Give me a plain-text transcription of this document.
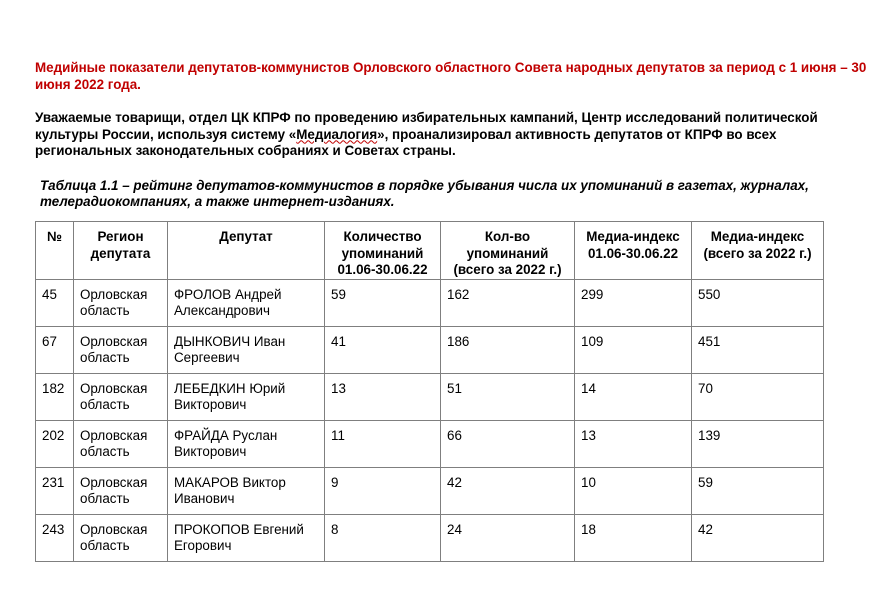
Медийные показатели депутатов-коммунистов Орловского областного Совета народных депутатов за период с 1 июня – 30 июня 2022 года.

Уважаемые товарищи, отдел ЦК КПРФ по проведению избирательных кампаний, Центр исследований политической культуры России, используя систему «Медиалогия», проанализировал активность депутатов от КПРФ во всех региональных законодательных собраниях и Советах страны.

Таблица 1.1 – рейтинг депутатов-коммунистов в порядке убывания числа их упоминаний в газетах, журналах, телерадиокомпаниях, а также интернет-изданиях.

№	Регион депутата	Депутат	Количество упоминаний 01.06-30.06.22	Кол-во упоминаний (всего за 2022 г.)	Медиа-индекс 01.06-30.06.22	Медиа-индекс (всего за 2022 г.)
45	Орловская область	ФРОЛОВ Андрей Александрович	59	162	299	550
67	Орловская область	ДЫНКОВИЧ Иван Сергеевич	41	186	109	451
182	Орловская область	ЛЕБЕДКИН Юрий Викторович	13	51	14	70
202	Орловская область	ФРАЙДА Руслан Викторович	11	66	13	139
231	Орловская область	МАКАРОВ Виктор Иванович	9	42	10	59
243	Орловская область	ПРОКОПОВ Евгений Егорович	8	24	18	42
